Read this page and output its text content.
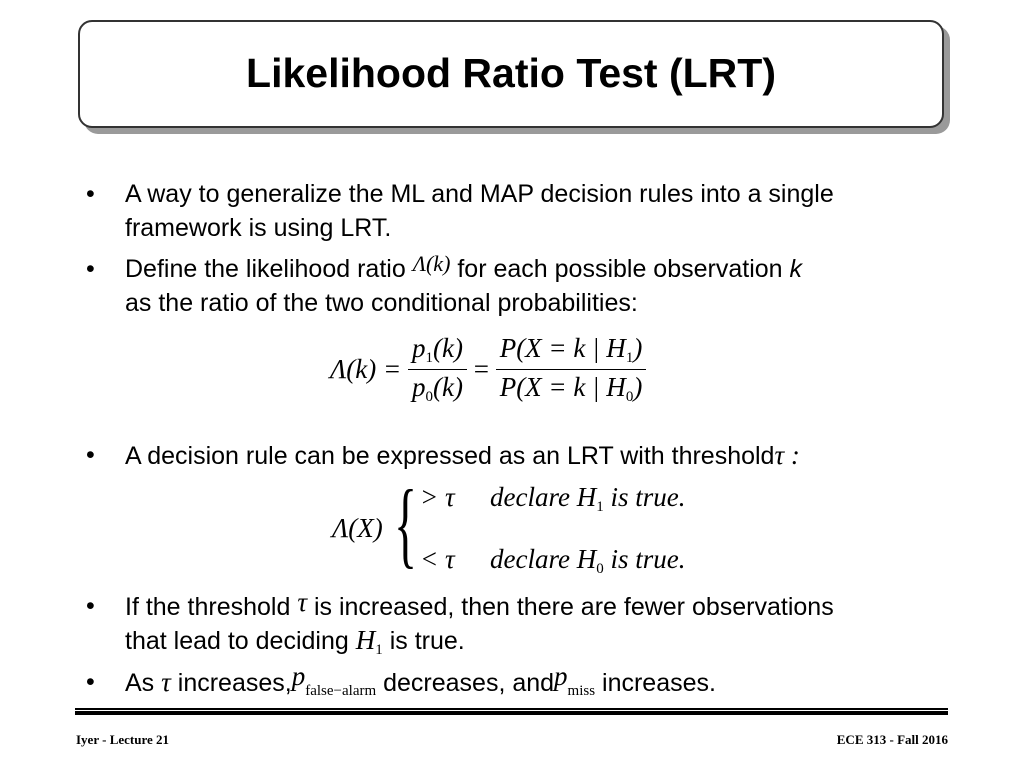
Likelihood Ratio Test (LRT)
• A way to generalize the ML and MAP decision rules into a single
framework is using LRT.
• Define the likelihood ratio Λ(k) for each possible observation k
as the ratio of the two conditional probabilities:
$\Lambda(k) = \frac{p_1(k)}{p_0(k)} = \frac{P(X = k | H_1)}{P(X = k | H_0)}$
• A decision rule can be expressed as an LRT with thresholdτ :
Λ(X) { > τ declare $H_1$ is true.
< τ declare $H_0$ is true.
• If the threshold τ is increased, then there are fewer observations
that lead to deciding $H_1$ is true.
• As τ $increases,p_{false-alarm}$ decreases, andp$_{miss}$ increases.
Iyer - Lecture 21	ECE 313 - Fall 2016
